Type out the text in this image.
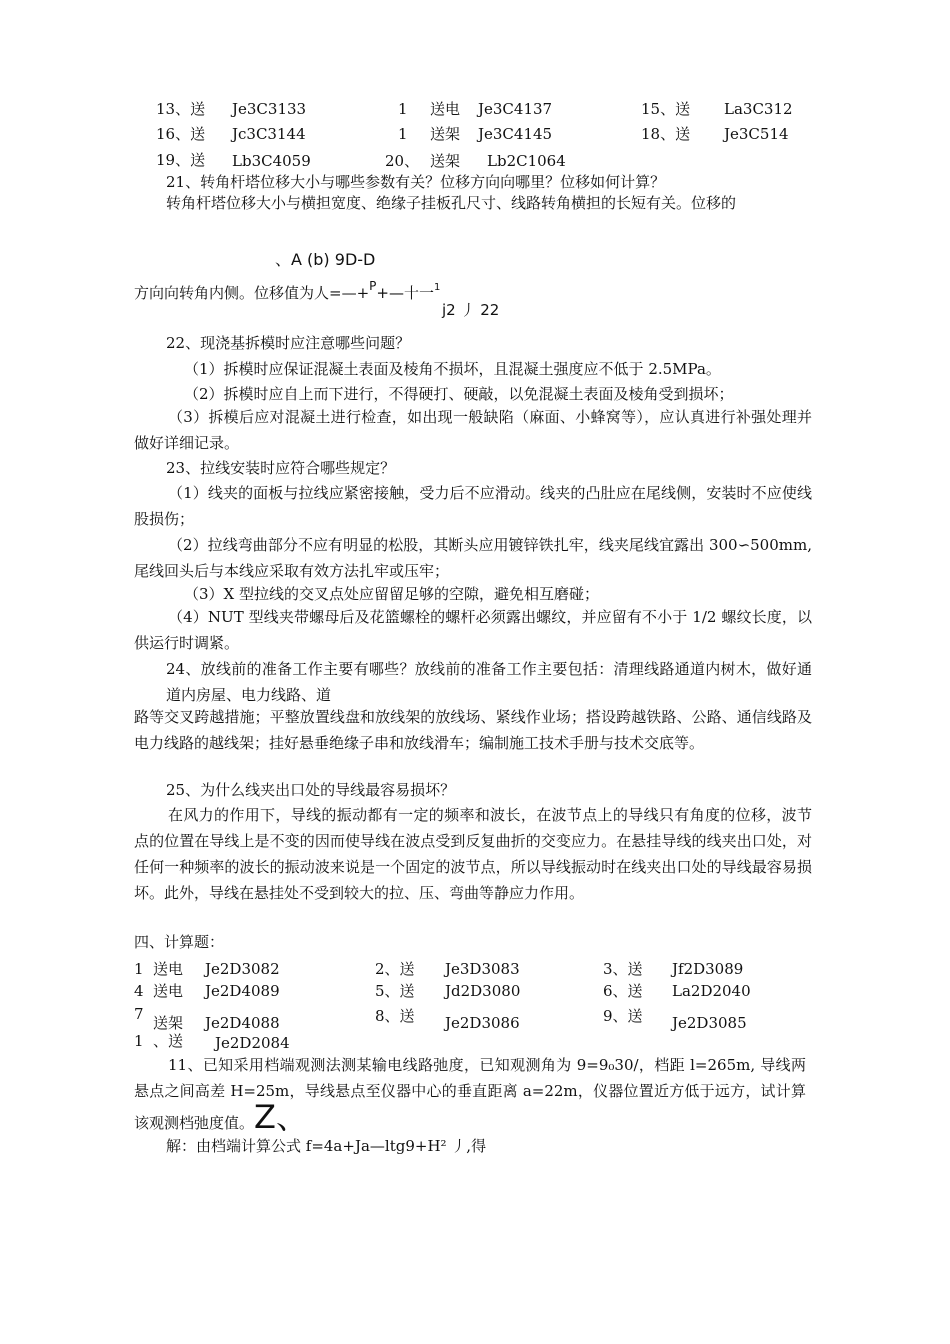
13、送 Je3C3133	1 送电 Je3C4137	15、送 La3C312
16、送 Jc3C3144	1 送架 Je3C4145	18、送 Je3C514
19、送 Lb3C4059	20、 送架 Lb2C1064
21、转角杆塔位移大小与哪些参数有关？位移方向向哪里？位移如何计算？
转角杆塔位移大小与横担宽度、绝缘子挂板孔尺寸、线路转角横担的长短有关。位移的
、A (b) 9D-D
方向向转角内侧。位移值为人=—+$^P$+—十一$^1$
j2 丿 22
22、现浇基拆模时应注意哪些问题？
（1）拆模时应保证混凝土表面及棱角不损坏，且混凝土强度应不低于 2.5MPa。
（2）拆模时应自上而下进行，不得硬打、硬敲，以免混凝土表面及棱角受到损坏；
（3）拆模后应对混凝土进行检查，如出现一般缺陷（麻面、小蜂窝等），应认真进行补强处理并做好详细记录。
23、拉线安装时应符合哪些规定？
（1）线夹的面板与拉线应紧密接触，受力后不应滑动。线夹的凸肚应在尾线侧，安装时不应使线股损伤；
（2）拉线弯曲部分不应有明显的松股，其断头应用镀锌铁扎牢，线夹尾线宜露出 300∽500mm, 尾线回头后与本线应采取有效方法扎牢或压牢；
（3）X 型拉线的交叉点处应留留足够的空隙，避免相互磨碰；
（4）NUT 型线夹带螺母后及花篮螺栓的螺杆必须露出螺纹，并应留有不小于 1/2 螺纹长度，以供运行时调紧。
24、放线前的准备工作主要有哪些？放线前的准备工作主要包括：清理线路通道内树木，做好通道内房屋、电力线路、道
路等交叉跨越措施；平整放置线盘和放线架的放线场、紧线作业场；搭设跨越铁路、公路、通信线路及电力线路的越线架；挂好悬垂绝缘子串和放线滑车；编制施工技术手册与技术交底等。
25、为什么线夹出口处的导线最容易损坏？
在风力的作用下，导线的振动都有一定的频率和波长，在波节点上的导线只有角度的位移，波节点的位置在导线上是不变的因而使导线在波点受到反复曲折的交变应力。在悬挂导线的线夹出口处，对任何一种频率的波长的振动波来说是一个固定的波节点，所以导线振动时在线夹出口处的导线最容易损坏。此外，导线在悬挂处不受到较大的拉、压、弯曲等静应力作用。
四、计算题：
1 送电 Je2D3082	2、送 Je3D3083	3、送 Jf2D3089
4 送电 Je2D4089	5、送 Jd2D3080	6、送 La2D2040
7 送架 Je2D4088	8、送 Je2D3086	9、送 Je2D3085
1 、送 Je2D2084
11、已知采用档端观测法测某输电线路弛度，已知观测角为 9=9₀30/，档距 l=265m, 导线两悬点之间高差 H=25m，导线悬点至仪器中心的垂直距离 a=22m，仪器位置近方低于远方，试计算该观测档弛度值。Z、
解：由档端计算公式 f=4a+Ja—ltg9+H² 丿,得
